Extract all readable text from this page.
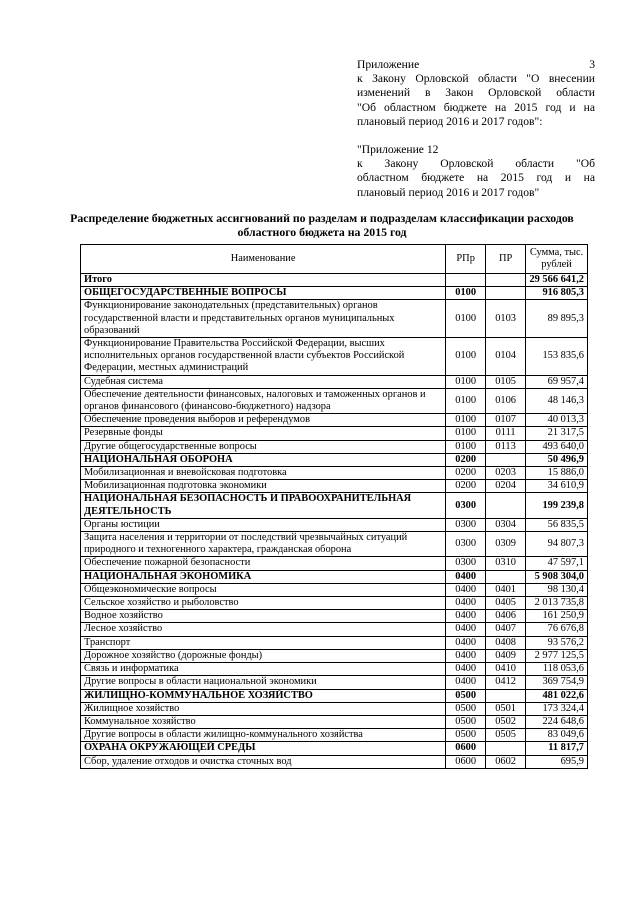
Приложение 3
к Закону Орловской области "О внесении
изменений в Закон Орловской области
"Об областном бюджете на 2015 год и на
плановый период 2016 и 2017 годов":
"Приложение 12
к Закону Орловской области "Об
областном бюджете на 2015 год и на
плановый период 2016 и 2017 годов"
Распределение бюджетных ассигнований по разделам и подразделам классификации расходов областного бюджета на 2015 год
Наименование	РПр	ПР	Сумма, тыс. рублей
Итого			29 566 641,2
ОБЩЕГОСУДАРСТВЕННЫЕ ВОПРОСЫ	0100		916 805,3
Функционирование законодательных (представительных) органов государственной власти и представительных органов муниципальных образований	0100	0103	89 895,3
Функционирование Правительства Российской Федерации, высших исполнительных органов государственной власти субъектов Российской Федерации, местных администраций	0100	0104	153 835,6
Судебная система	0100	0105	69 957,4
Обеспечение деятельности финансовых, налоговых и таможенных органов и органов финансового (финансово-бюджетного) надзора	0100	0106	48 146,3
Обеспечение проведения выборов и референдумов	0100	0107	40 013,3
Резервные фонды	0100	0111	21 317,5
Другие общегосударственные вопросы	0100	0113	493 640,0
НАЦИОНАЛЬНАЯ ОБОРОНА	0200		50 496,9
Мобилизационная и вневойсковая подготовка	0200	0203	15 886,0
Мобилизационная подготовка экономики	0200	0204	34 610,9
НАЦИОНАЛЬНАЯ БЕЗОПАСНОСТЬ И ПРАВООХРАНИТЕЛЬНАЯ ДЕЯТЕЛЬНОСТЬ	0300		199 239,8
Органы юстиции	0300	0304	56 835,5
Защита населения и территории от последствий чрезвычайных ситуаций природного и техногенного характера, гражданская оборона	0300	0309	94 807,3
Обеспечение пожарной безопасности	0300	0310	47 597,1
НАЦИОНАЛЬНАЯ ЭКОНОМИКА	0400		5 908 304,0
Общеэкономические вопросы	0400	0401	98 130,4
Сельское хозяйство и рыболовство	0400	0405	2 013 735,8
Водное хозяйство	0400	0406	161 250,9
Лесное хозяйство	0400	0407	76 676,8
Транспорт	0400	0408	93 576,2
Дорожное хозяйство (дорожные фонды)	0400	0409	2 977 125,5
Связь и информатика	0400	0410	118 053,6
Другие вопросы в области национальной экономики	0400	0412	369 754,9
ЖИЛИЩНО-КОММУНАЛЬНОЕ ХОЗЯЙСТВО	0500		481 022,6
Жилищное хозяйство	0500	0501	173 324,4
Коммунальное хозяйство	0500	0502	224 648,6
Другие вопросы в области жилищно-коммунального хозяйства	0500	0505	83 049,6
ОХРАНА ОКРУЖАЮЩЕЙ СРЕДЫ	0600		11 817,7
Сбор, удаление отходов и очистка сточных вод	0600	0602	695,9
